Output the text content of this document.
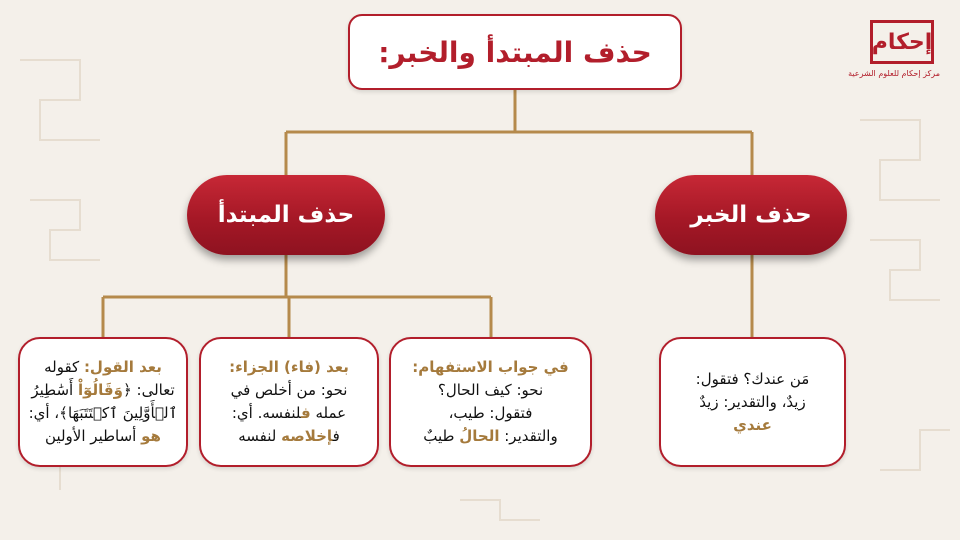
حذف المبتدأ والخبر:
حذف المبتدأ	حذف الخبر
في جواب الاستفهام:
نحو: كيف الحال؟
فتقول: طيب،
والتقدير: الحالُ طيبٌ
بعد (فاء) الجزاء:
نحو: من أخلص في
عمله فلنفسه. أي:
فإخلاصه لنفسه
بعد القول: كقوله
تعالى: ﴿وَقَالُوٓاْ أَسَٰطِيرُ
ٱلۡأَوَّلِينَ ٱكۡتَتَبَهَا﴾، أي:
هو أساطير الأولين
مَن عندك؟ فتقول:
زيدٌ، والتقدير: زيدٌ
عندي
إحكام
مركز إحكام للعلوم الشرعية
